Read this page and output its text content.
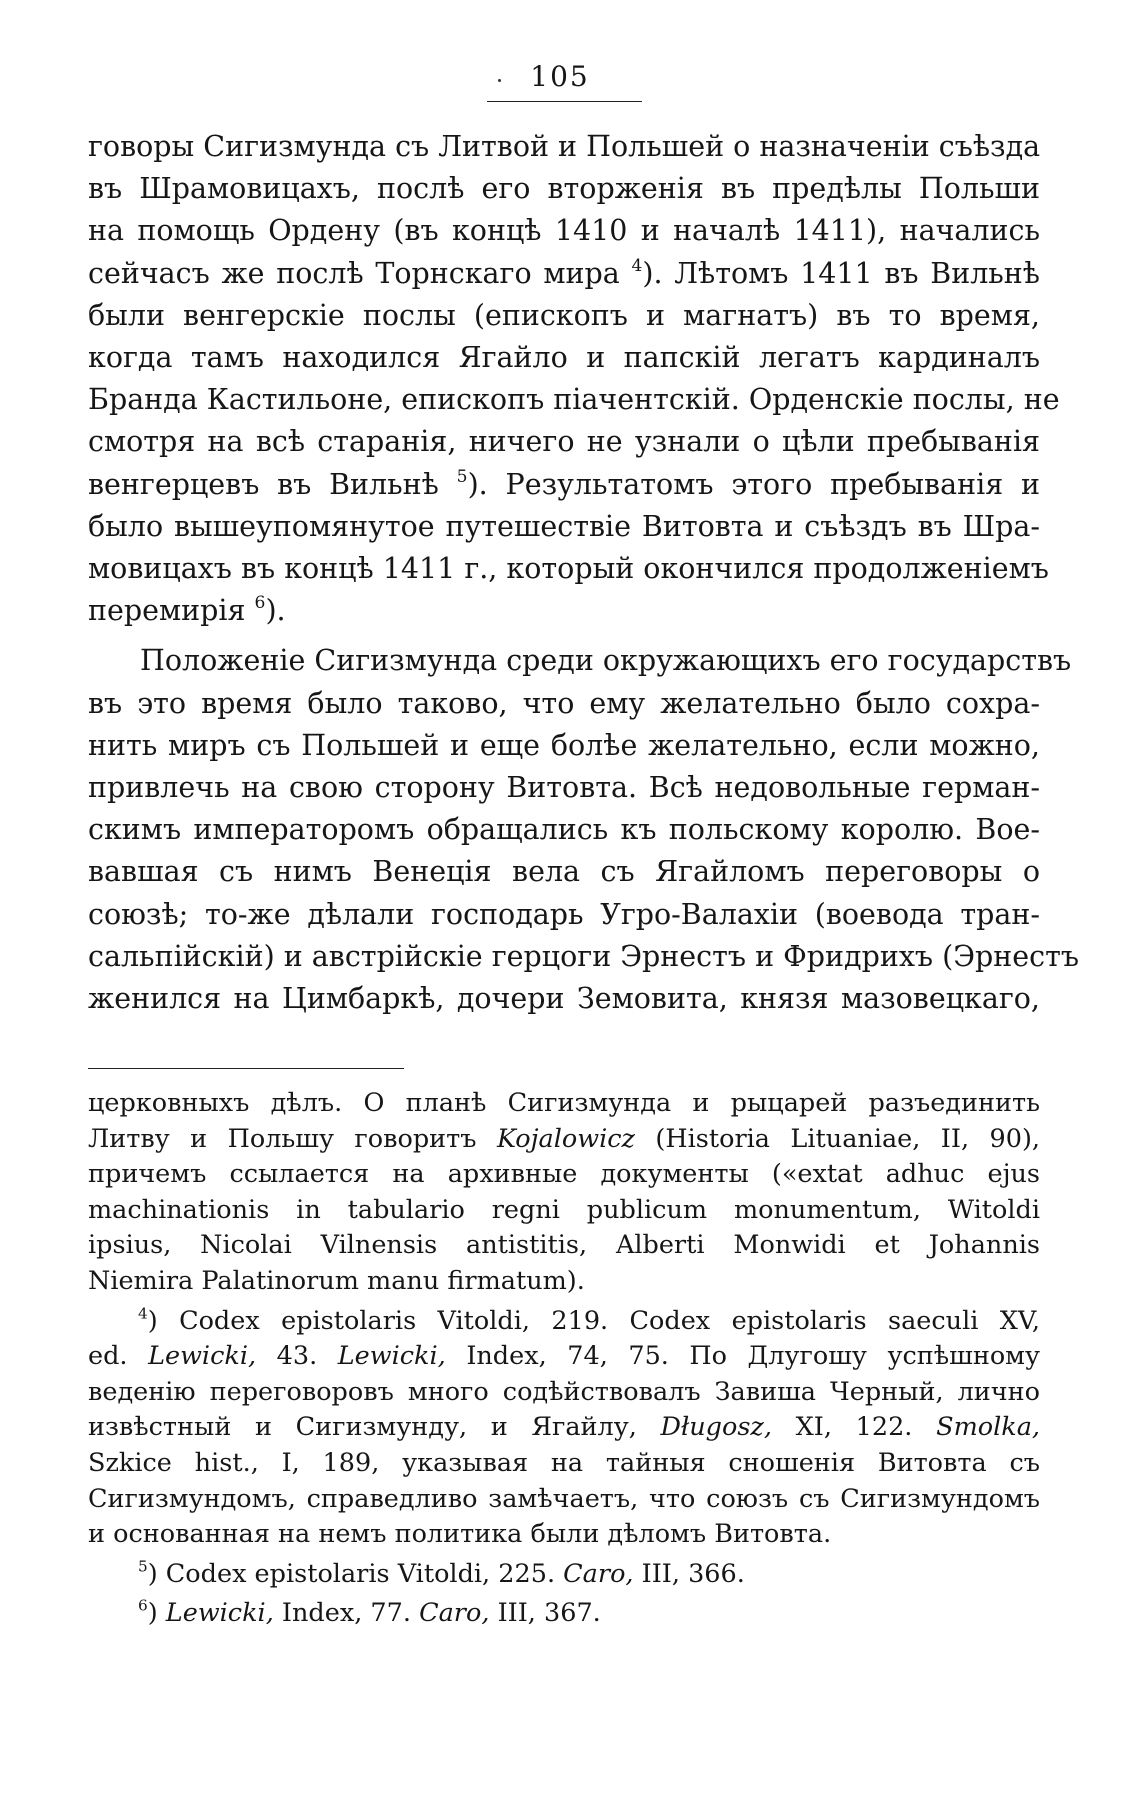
105
говоры Сигизмунда съ Литвой и Польшей о назначеніи съѣзда
въ Шрамовицахъ, послѣ его вторженія въ предѣлы Польши
на помощь Ордену (въ концѣ 1410 и началѣ 1411), начались
сейчасъ же послѣ Торнскаго мира $^4$). Лѣтомъ 1411 въ Вильнѣ
были венгерскіе послы (епископъ и магнатъ) въ то время,
когда тамъ находился Ягайло и папскій легатъ кардиналъ
Бранда Кастильоне, епископъ піачентскій. Орденскіе послы, не
смотря на всѣ старанія, ничего не узнали о цѣли пребыванія
венгерцевъ въ Вильнѣ $^5$). Результатомъ этого пребыванія и
было вышеупомянутое путешествіе Витовта и съѣздъ въ Шра-
мовицахъ въ концѣ 1411 г., который окончился продолженіемъ
перемирія $^6$).
Положеніе Сигизмунда среди окружающихъ его государствъ
въ это время было таково, что ему желательно было сохра-
нить миръ съ Польшей и еще болѣе желательно, если можно,
привлечь на свою сторону Витовта. Всѣ недовольные герман-
скимъ императоромъ обращались къ польскому королю. Вое-
вавшая съ нимъ Венеція вела съ Ягайломъ переговоры о
союзѣ; то-же дѣлали господарь Угро-Валахіи (воевода тран-
сальпійскій) и австрійскіе герцоги Эрнестъ и Фридрихъ (Эрнестъ
женился на Цимбаркѣ, дочери Земовита, князя мазовецкаго,
церковныхъ дѣлъ. О планѣ Сигизмунда и рыцарей разъединить
Литву и Польшу говоритъ Kojalowicz (Historia Lituaniae, II, 90),
причемъ ссылается на архивные документы («extat adhuc ejus
machinationis in tabulario regni publicum monumentum, Witoldi
ipsius, Nicolai Vilnensis antistitis, Alberti Monwidi et Johannis
Niemira Palatinorum manu firmatum).
$^4$) Codex epistolaris Vitoldi, 219. Codex epistolaris saeculi XV,
ed. Lewicki, 43. Lewicki, Index, 74, 75. По Длугошу успѣшному
веденію переговоровъ много содѣйствовалъ Завиша Черный, лично
извѣстный и Сигизмунду, и Ягайлу, Długosz, XI, 122. Smolka,
Szkice hist., I, 189, указывая на тайныя сношенія Витовта съ
Сигизмундомъ, справедливо замѣчаетъ, что союзъ съ Сигизмундомъ
и основанная на немъ политика были дѣломъ Витовта.
$^5$) Codex epistolaris Vitoldi, 225. Caro, III, 366.
$^6$) Lewicki, Index, 77. Caro, III, 367.
